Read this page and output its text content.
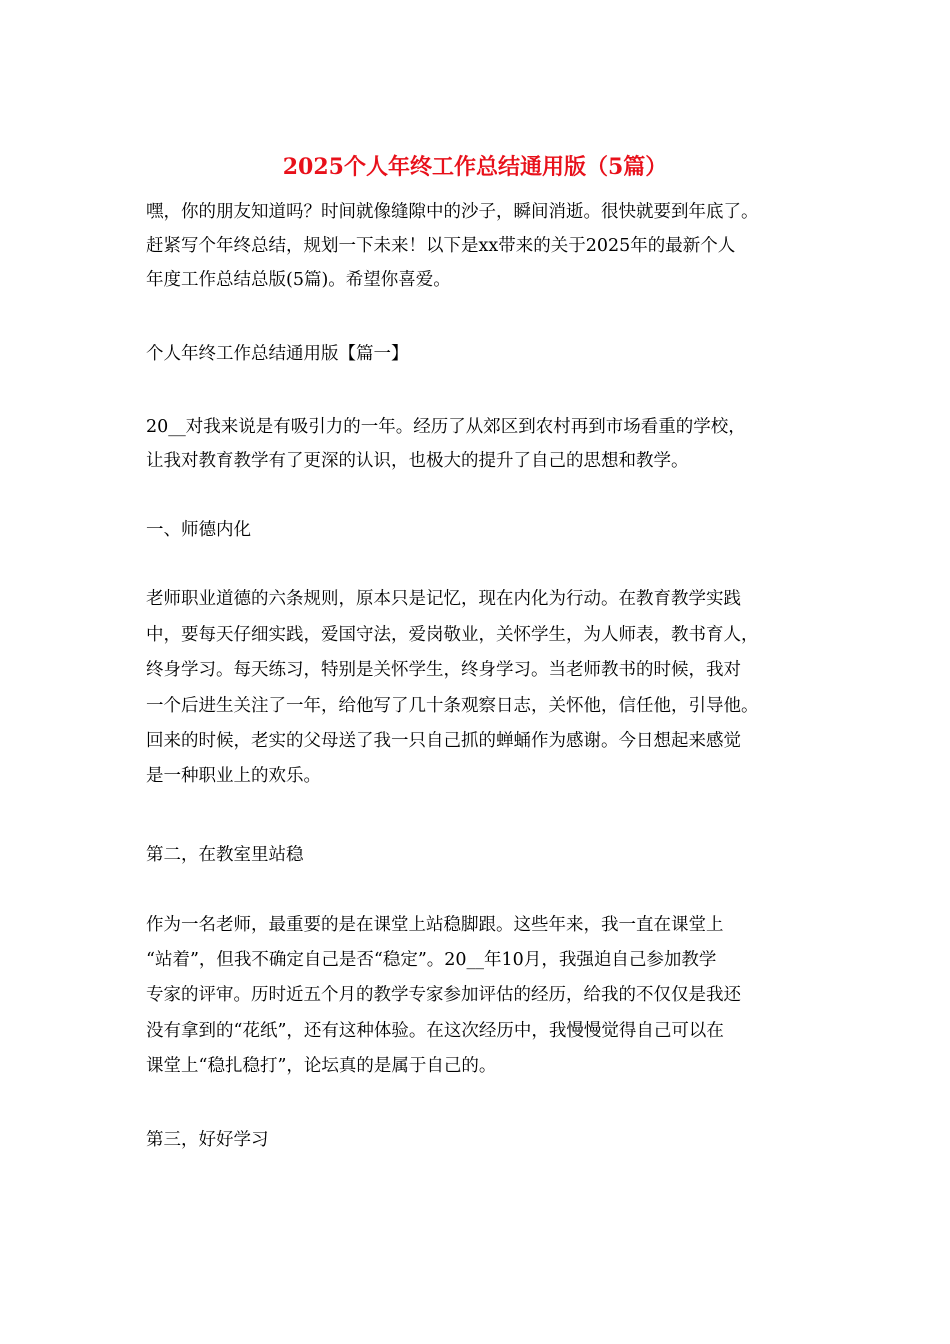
2025个人年终工作总结通用版（5篇）
嘿，你的朋友知道吗？时间就像缝隙中的沙子，瞬间消逝。很快就要到年底了。
赶紧写个年终总结，规划一下未来！以下是xx带来的关于2025年的最新个人
年度工作总结总版(5篇)。希望你喜爱。
个人年终工作总结通用版【篇一】
20__对我来说是有吸引力的一年。经历了从郊区到农村再到市场看重的学校，
让我对教育教学有了更深的认识，也极大的提升了自己的思想和教学。
一、师德内化
老师职业道德的六条规则，原本只是记忆，现在内化为行动。在教育教学实践
中，要每天仔细实践，爱国守法，爱岗敬业，关怀学生，为人师表，教书育人，
终身学习。每天练习，特别是关怀学生，终身学习。当老师教书的时候，我对
一个后进生关注了一年，给他写了几十条观察日志，关怀他，信任他，引导他。
回来的时候，老实的父母送了我一只自己抓的蝉蛹作为感谢。今日想起来感觉
是一种职业上的欢乐。
第二，在教室里站稳
作为一名老师，最重要的是在课堂上站稳脚跟。这些年来，我一直在课堂上
“站着”，但我不确定自己是否“稳定”。20__年10月，我强迫自己参加教学
专家的评审。历时近五个月的教学专家参加评估的经历，给我的不仅仅是我还
没有拿到的“花纸”，还有这种体验。在这次经历中，我慢慢觉得自己可以在
课堂上“稳扎稳打”，论坛真的是属于自己的。
第三，好好学习
